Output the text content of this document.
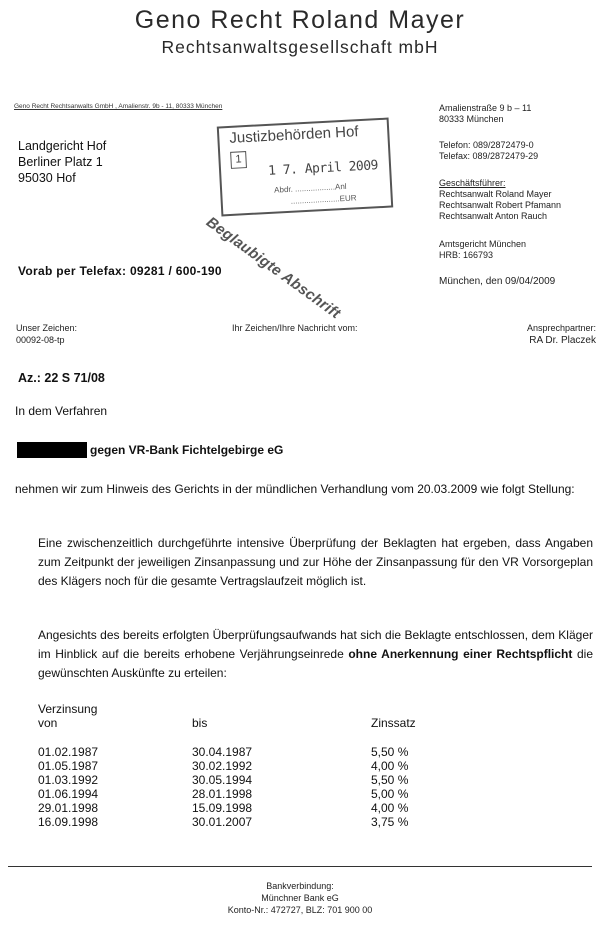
Geno Recht Roland Mayer
Rechtsanwaltsgesellschaft mbH
Geno Recht Rechtsanwalts GmbH , Amalienstr. 9b - 11, 80333 München
Landgericht Hof
Berliner Platz 1
95030 Hof
Amalienstraße 9 b – 11
80333 München
Telefon: 089/2872479-0
Telefax: 089/2872479-29
Geschäftsführer:
Rechtsanwalt Roland Mayer
Rechtsanwalt Robert Pfamann
Rechtsanwalt Anton Rauch
Amtsgericht München
HRB: 166793
München, den 09/04/2009
Justizbehörden Hof
1	1 7. April 2009
Abdr. ..................Anl
......................EUR
Beglaubigte Abschrift
Vorab per Telefax: 09281 / 600-190
Unser Zeichen:
00092-08-tp
Ihr Zeichen/Ihre Nachricht vom:	Ansprechpartner:
RA Dr. Placzek
Az.: 22 S 71/08
In dem Verfahren
gegen VR-Bank Fichtelgebirge eG
nehmen wir zum Hinweis des Gerichts in der mündlichen Verhandlung vom 20.03.2009 wie folgt Stellung:
Eine zwischenzeitlich durchgeführte intensive Überprüfung der Beklagten hat ergeben, dass Angaben zum Zeitpunkt der jeweiligen Zinsanpassung und zur Höhe der Zinsanpassung für den VR Vorsorgeplan des Klägers noch für die gesamte Vertragslaufzeit möglich ist.
Angesichts des bereits erfolgten Überprüfungsaufwands hat sich die Beklagte entschlossen, dem Kläger im Hinblick auf die bereits erhobene Verjährungseinrede ohne Anerkennung einer Rechtspflicht die gewünschten Auskünfte zu erteilen:
Verzinsung
von	bis	Zinssatz
01.02.1987	30.04.1987	5,50 %
01.05.1987	30.02.1992	4,00 %
01.03.1992	30.05.1994	5,50 %
01.06.1994	28.01.1998	5,00 %
29.01.1998	15.09.1998	4,00 %
16.09.1998	30.01.2007	3,75 %
Bankverbindung:
Münchner Bank eG
Konto-Nr.: 472727, BLZ: 701 900 00
